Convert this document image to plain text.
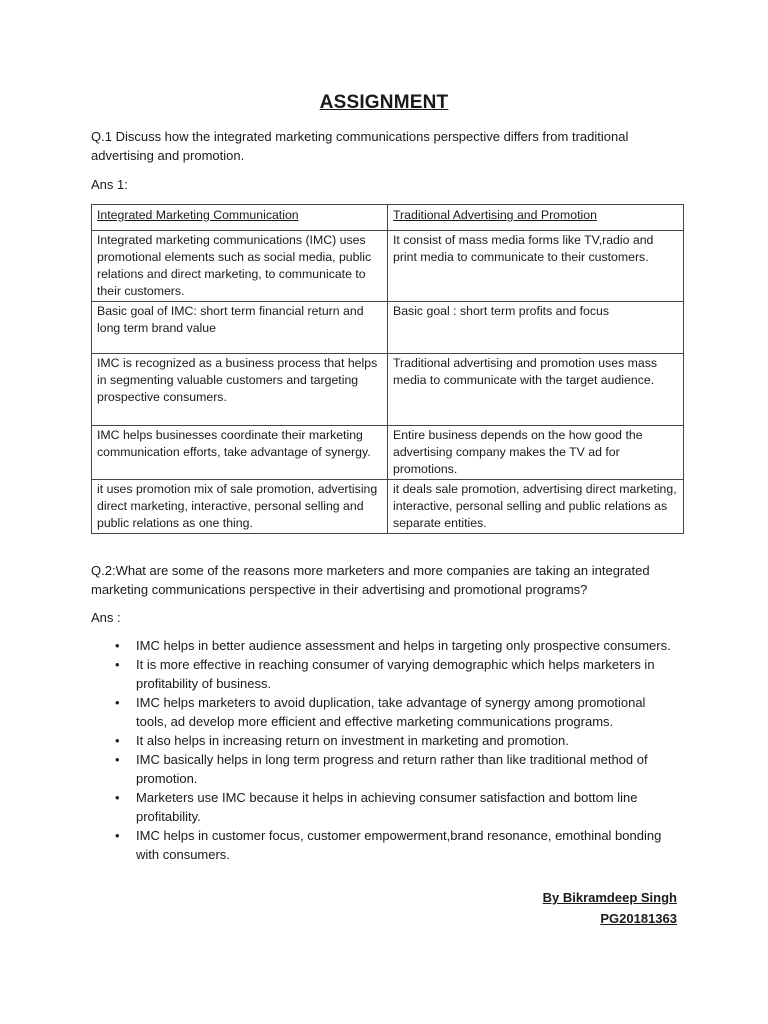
ASSIGNMENT
Q.1 Discuss how the integrated marketing communications perspective differs from traditional advertising and promotion.
Ans 1:
Integrated Marketing Communication	Traditional Advertising and Promotion
Integrated marketing communications (IMC) uses promotional elements such as social media, public relations and direct marketing, to communicate to their customers.	It consist of mass media forms like TV,radio and print media to communicate to their customers.
Basic goal of IMC: short term financial return and long term brand value	Basic goal : short term profits and focus
IMC is recognized as a business process that helps in segmenting valuable customers and targeting prospective consumers.	Traditional advertising and promotion uses mass media to communicate with the target audience.
IMC helps businesses coordinate their marketing communication efforts, take advantage of synergy.	Entire business depends on the how good the advertising company makes the TV ad for promotions.
it uses promotion mix of sale promotion, advertising direct marketing, interactive, personal selling and public relations as one thing.	it deals sale promotion, advertising direct marketing, interactive, personal selling and public relations as separate entities.
Q.2:What are some of the reasons more marketers and more companies are taking an integrated marketing communications perspective in their advertising and promotional programs?
Ans :
• IMC helps in better audience assessment and helps in targeting only prospective consumers.
• It is more effective in reaching consumer of varying demographic which helps marketers in profitability of business.
• IMC helps marketers to avoid duplication, take advantage of synergy among promotional tools, ad develop more efficient and effective marketing communications programs.
• It also helps in increasing return on investment in marketing and promotion.
• IMC basically helps in long term progress and return rather than like traditional method of promotion.
• Marketers use IMC because it helps in achieving consumer satisfaction and bottom line profitability.
• IMC helps in customer focus, customer empowerment,brand resonance, emothinal bonding with consumers.
By Bikramdeep Singh
PG20181363
